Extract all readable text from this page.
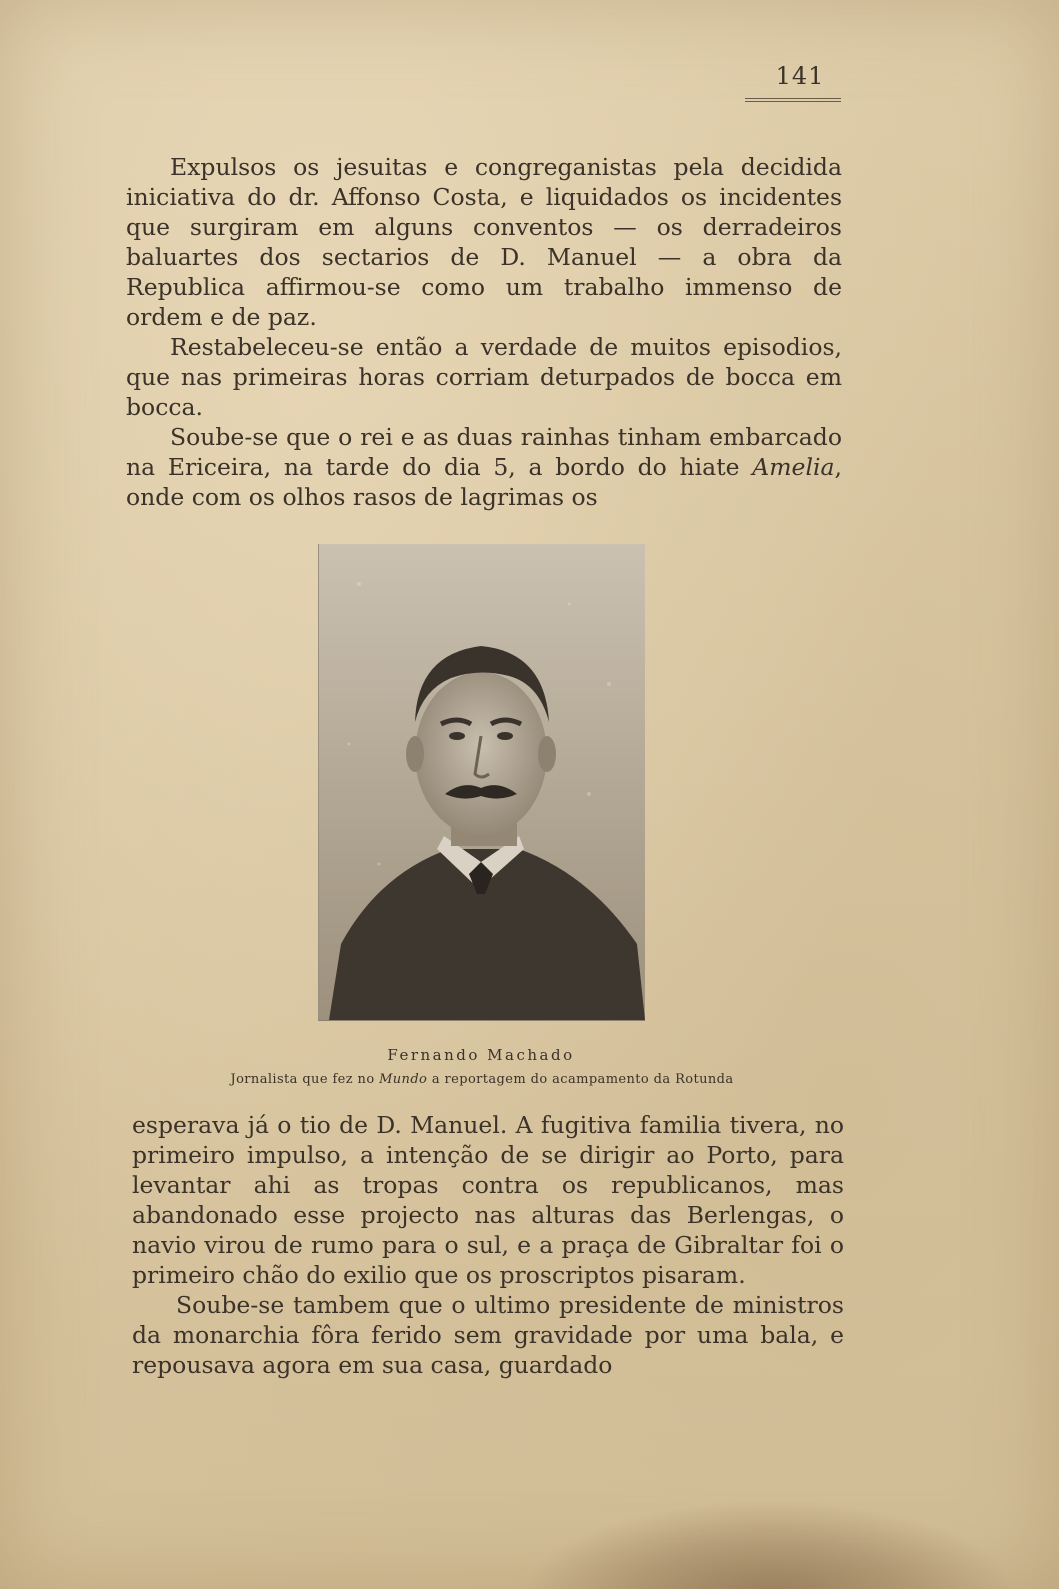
141

Expulsos os jesuitas e congreganistas pela decidida iniciativa do dr. Affonso Costa, e liquidados os incidentes que surgiram em alguns conventos — os derradeiros baluartes dos sectarios de D. Manuel — a obra da Republica affirmou-se como um trabalho immenso de ordem e de paz.

Restabeleceu-se então a verdade de muitos episodios, que nas primeiras horas corriam deturpados de bocca em bocca.

Soube-se que o rei e as duas rainhas tinham embarcado na Ericeira, na tarde do dia 5, a bordo do hiate Amelia, onde com os olhos rasos de lagrimas os

Fernando Machado
Jornalista que fez no Mundo a reportagem do acampamento da Rotunda

esperava já o tio de D. Manuel. A fugitiva familia tivera, no primeiro impulso, a intenção de se dirigir ao Porto, para levantar ahi as tropas contra os republicanos, mas abandonado esse projecto nas alturas das Berlengas, o navio virou de rumo para o sul, e a praça de Gibraltar foi o primeiro chão do exilio que os proscriptos pisaram.

Soube-se tambem que o ultimo presidente de ministros da monarchia fôra ferido sem gravidade por uma bala, e repousava agora em sua casa, guardado
